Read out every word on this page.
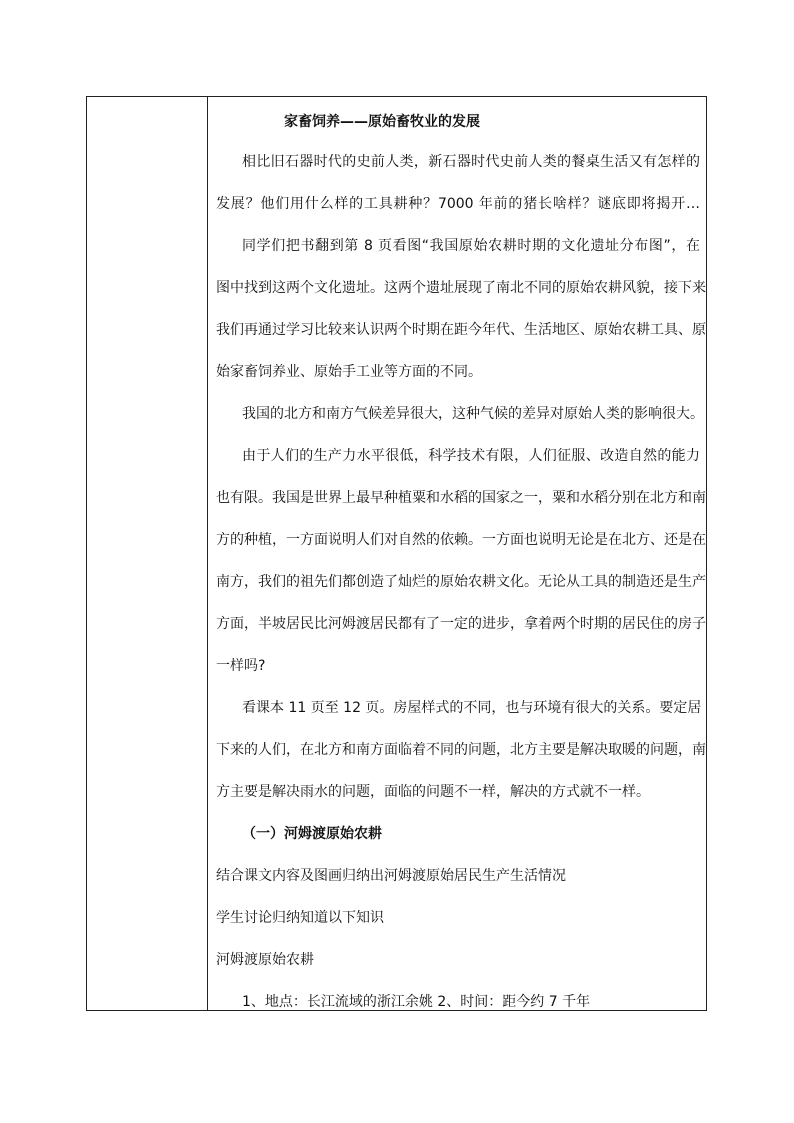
家畜饲养——原始畜牧业的发展
相比旧石器时代的史前人类，新石器时代史前人类的餐桌生活又有怎样的
发展？他们用什么样的工具耕种？7000 年前的猪长啥样？谜底即将揭开…
同学们把书翻到第 8 页看图“我国原始农耕时期的文化遗址分布图”，在
图中找到这两个文化遗址。这两个遗址展现了南北不同的原始农耕风貌，接下来
我们再通过学习比较来认识两个时期在距今年代、生活地区、原始农耕工具、原
始家畜饲养业、原始手工业等方面的不同。
我国的北方和南方气候差异很大，这种气候的差异对原始人类的影响很大。
由于人们的生产力水平很低，科学技术有限，人们征服、改造自然的能力
也有限。我国是世界上最早种植粟和水稻的国家之一，粟和水稻分别在北方和南
方的种植，一方面说明人们对自然的依赖。一方面也说明无论是在北方、还是在
南方，我们的祖先们都创造了灿烂的原始农耕文化。无论从工具的制造还是生产
方面，半坡居民比河姆渡居民都有了一定的进步，拿着两个时期的居民住的房子
一样吗?
看课本 11 页至 12 页。房屋样式的不同，也与环境有很大的关系。要定居
下来的人们，在北方和南方面临着不同的问题，北方主要是解决取暖的问题，南
方主要是解决雨水的问题，面临的问题不一样，解决的方式就不一样。
（一）河姆渡原始农耕
结合课文内容及图画归纳出河姆渡原始居民生产生活情况
学生讨论归纳知道以下知识
河姆渡原始农耕
1、地点：长江流域的浙江余姚 2、时间：距今约 7 千年
